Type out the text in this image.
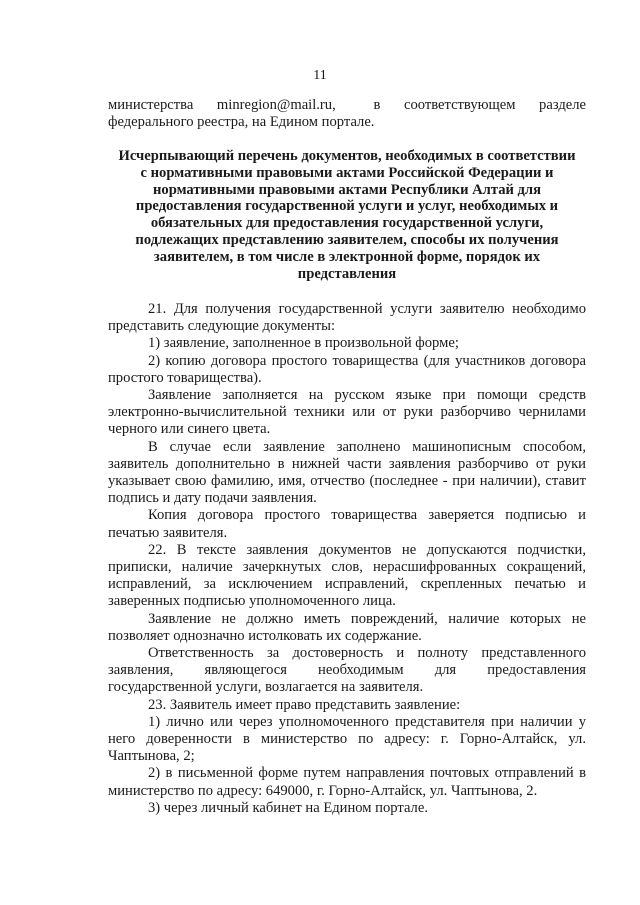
11
министерства     minregion@mail.ru,        в     соответствующем     разделе
федерального реестра, на Едином портале.
Исчерпывающий перечень документов, необходимых в соответствии
с нормативными правовыми актами Российской Федерации и
нормативными правовыми актами Республики Алтай для
предоставления государственной услуги и услуг, необходимых и
обязательных для предоставления государственной услуги,
подлежащих представлению заявителем, способы их получения
заявителем, в том числе в электронной форме, порядок их
представления
21. Для получения государственной услуги заявителю необходимо
представить следующие документы:
1) заявление, заполненное в произвольной форме;
2) копию договора простого товарищества (для участников договора
простого товарищества).
Заявление заполняется на русском языке при помощи средств
электронно-вычислительной техники или от руки разборчиво чернилами
черного или синего цвета.
В случае если заявление заполнено машинописным способом,
заявитель дополнительно в нижней части заявления разборчиво от руки
указывает свою фамилию, имя, отчество (последнее - при наличии), ставит
подпись и дату подачи заявления.
Копия договора простого товарищества заверяется подписью и
печатью заявителя.
22. В тексте заявления документов не допускаются подчистки,
приписки, наличие зачеркнутых слов, нерасшифрованных сокращений,
исправлений, за исключением исправлений, скрепленных печатью и
заверенных подписью уполномоченного лица.
Заявление не должно иметь повреждений, наличие которых не
позволяет однозначно истолковать их содержание.
Ответственность за достоверность и полноту представленного
заявления, являющегося необходимым для предоставления
государственной услуги, возлагается на заявителя.
23. Заявитель имеет право представить заявление:
1) лично или через уполномоченного представителя при наличии у
него доверенности в министерство по адресу: г. Горно-Алтайск, ул.
Чаптынова, 2;
2) в письменной форме путем направления почтовых отправлений в
министерство по адресу: 649000, г. Горно-Алтайск, ул. Чаптынова, 2.
3) через личный кабинет на Едином портале.
